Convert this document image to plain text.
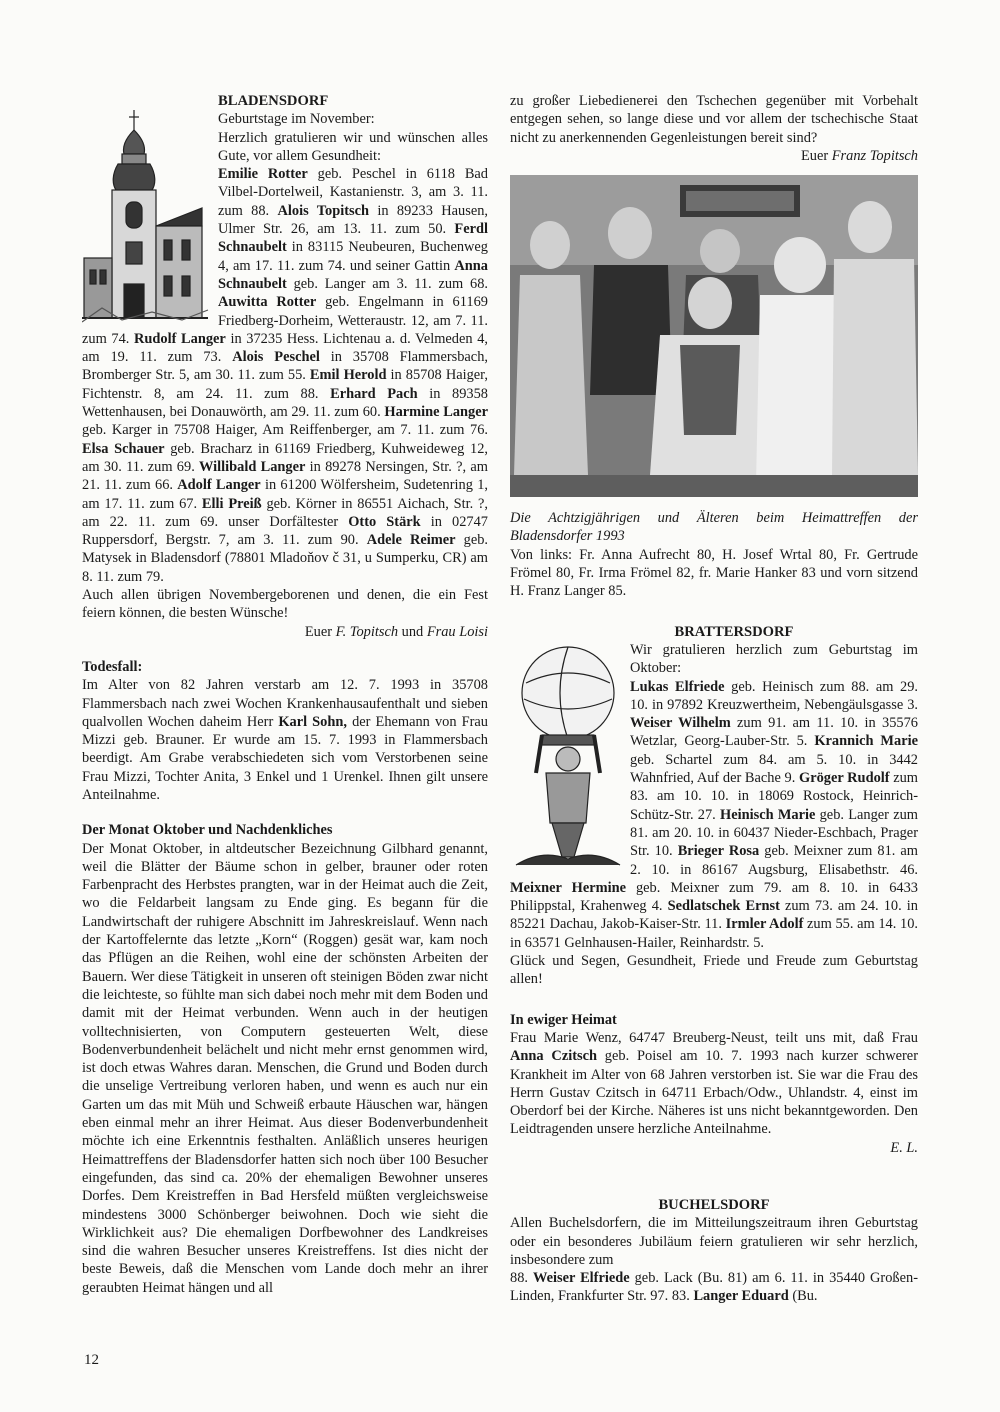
BLADENSDORF

Geburtstage im November:

Herzlich gratulieren wir und wünschen alles Gute, vor allem Gesundheit:

Emilie Rotter geb. Peschel in 6118 Bad Vilbel-Dortelweil, Kastanienstr. 3, am 3. 11. zum 88. Alois Topitsch in 89233 Hausen, Ulmer Str. 26, am 13. 11. zum 50. Ferdl Schnaubelt in 83115 Neubeuren, Buchenweg 4, am 17. 11. zum 74. und seiner Gattin Anna Schnaubelt geb. Langer am 3. 11. zum 68. Auwitta Rotter geb. Engelmann in 61169 Friedberg-Dorheim, Wetteraustr. 12, am 7. 11. zum 74. Rudolf Langer in 37235 Hess. Lichtenau a. d. Velmeden 4, am 19. 11. zum 73. Alois Peschel in 35708 Flammersbach, Bromberger Str. 5, am 30. 11. zum 55. Emil Herold in 85708 Haiger, Fichtenstr. 8, am 24. 11. zum 88. Erhard Pach in 89358 Wettenhausen, bei Donauwörth, am 29. 11. zum 60. Harmine Langer geb. Karger in 75708 Haiger, Am Reiffenberger, am 7. 11. zum 76. Elsa Schauer geb. Bracharz in 61169 Friedberg, Kuhweideweg 12, am 30. 11. zum 69. Willibald Langer in 89278 Nersingen, Str. ?, am 21. 11. zum 66. Adolf Langer in 61200 Wölfersheim, Sudetenring 1, am 17. 11. zum 67. Elli Preiß geb. Körner in 86551 Aichach, Str. ?, am 22. 11. zum 69. unser Dorfältester Otto Stärk in 02747 Ruppersdorf, Bergstr. 7, am 3. 11. zum 90. Adele Reimer geb. Matysek in Bladensdorf (78801 Mladoňov č 31, u Sumperku, CR) am 8. 11. zum 79.

Auch allen übrigen Novembergeborenen und denen, die ein Fest feiern können, die besten Wünsche!

Euer F. Topitsch und Frau Loisi

Todesfall:

Im Alter von 82 Jahren verstarb am 12. 7. 1993 in 35708 Flammersbach nach zwei Wochen Krankenhausaufenthalt und sieben qualvollen Wochen daheim Herr Karl Sohn, der Ehemann von Frau Mizzi geb. Brauner. Er wurde am 15. 7. 1993 in Flammersbach beerdigt. Am Grabe verabschiedeten sich vom Verstorbenen seine Frau Mizzi, Tochter Anita, 3 Enkel und 1 Urenkel. Ihnen gilt unsere Anteilnahme.

Der Monat Oktober und Nachdenkliches

Der Monat Oktober, in altdeutscher Bezeichnung Gilbhard genannt, weil die Blätter der Bäume schon in gelber, brauner oder roten Farbenpracht des Herbstes prangten, war in der Heimat auch die Zeit, wo die Feldarbeit langsam zu Ende ging. Es begann für die Landwirtschaft der ruhigere Abschnitt im Jahreskreislauf. Wenn nach der Kartoffelernte das letzte „Korn“ (Roggen) gesät war, kam noch das Pflügen an die Reihen, wohl eine der schönsten Arbeiten der Bauern. Wer diese Tätigkeit in unseren oft steinigen Böden zwar nicht die leichteste, so fühlte man sich dabei noch mehr mit dem Boden und damit mit der Heimat verbunden. Wenn auch in der heutigen volltechnisierten, von Computern gesteuerten Welt, diese Bodenverbundenheit belächelt und nicht mehr ernst genommen wird, ist doch etwas Wahres daran. Menschen, die Grund und Boden durch die unselige Vertreibung verloren haben, und wenn es auch nur ein Garten um das mit Müh und Schweiß erbaute Häuschen war, hängen eben einmal mehr an ihrer Heimat. Aus dieser Bodenverbundenheit möchte ich eine Erkenntnis festhalten. Anläßlich unseres heurigen Heimattreffens der Bladensdorfer hatten sich noch über 100 Besucher eingefunden, das sind ca. 20% der ehemaligen Bewohner unseres Dorfes. Dem Kreistreffen in Bad Hersfeld müßten vergleichsweise mindestens 3000 Schönberger beiwohnen. Doch wie sieht die Wirklichkeit aus? Die ehemaligen Dorfbewohner des Landkreises sind die wahren Besucher unseres Kreistreffens. Ist dies nicht der beste Beweis, daß die Menschen vom Lande doch mehr an ihrer geraubten Heimat hängen und all

zu großer Liebedienerei den Tschechen gegenüber mit Vorbehalt entgegen sehen, so lange diese und vor allem der tschechische Staat nicht zu anerkennenden Gegenleistungen bereit sind?

Euer Franz Topitsch

Die Achtzigjährigen und Älteren beim Heimattreffen der Bladensdorfer 1993

Von links: Fr. Anna Aufrecht 80, H. Josef Wrtal 80, Fr. Gertrude Frömel 80, Fr. Irma Frömel 82, fr. Marie Hanker 83 und vorn sitzend H. Franz Langer 85.

BRATTERSDORF

Wir gratulieren herzlich zum Geburtstag im Oktober:

Lukas Elfriede geb. Heinisch zum 88. am 29. 10. in 97892 Kreuzwertheim, Nebengäulsgasse 3. Weiser Wilhelm zum 91. am 11. 10. in 35576 Wetzlar, Georg-Lauber-Str. 5. Krannich Marie geb. Schartel zum 84. am 5. 10. in 3442 Wahnfried, Auf der Bache 9. Gröger Rudolf zum 83. am 10. 10. in 18069 Rostock, Heinrich-Schütz-Str. 27. Heinisch Marie geb. Langer zum 81. am 20. 10. in 60437 Nieder-Eschbach, Prager Str. 10. Brieger Rosa geb. Meixner zum 81. am 2. 10. in 86167 Augsburg, Elisabethstr. 46. Meixner Hermine geb. Meixner zum 79. am 8. 10. in 6433 Philippstal, Krahenweg 4. Sedlatschek Ernst zum 73. am 24. 10. in 85221 Dachau, Jakob-Kaiser-Str. 11. Irmler Adolf zum 55. am 14. 10. in 63571 Gelnhausen-Hailer, Reinhardstr. 5.

Glück und Segen, Gesundheit, Friede und Freude zum Geburtstag allen!

In ewiger Heimat

Frau Marie Wenz, 64747 Breuberg-Neust, teilt uns mit, daß Frau Anna Czitsch geb. Poisel am 10. 7. 1993 nach kurzer schwerer Krankheit im Alter von 68 Jahren verstorben ist. Sie war die Frau des Herrn Gustav Czitsch in 64711 Erbach/Odw., Uhlandstr. 4, einst im Oberdorf bei der Kirche. Näheres ist uns nicht bekanntgeworden. Den Leidtragenden unsere herzliche Anteilnahme.

E. L.

BUCHELSDORF

Allen Buchelsdorfern, die im Mitteilungszeitraum ihren Geburtstag oder ein besonderes Jubiläum feiern gratulieren wir sehr herzlich, insbesondere zum

88. Weiser Elfriede geb. Lack (Bu. 81) am 6. 11. in 35440 Großen-Linden, Frankfurter Str. 97. 83. Langer Eduard (Bu.

12
